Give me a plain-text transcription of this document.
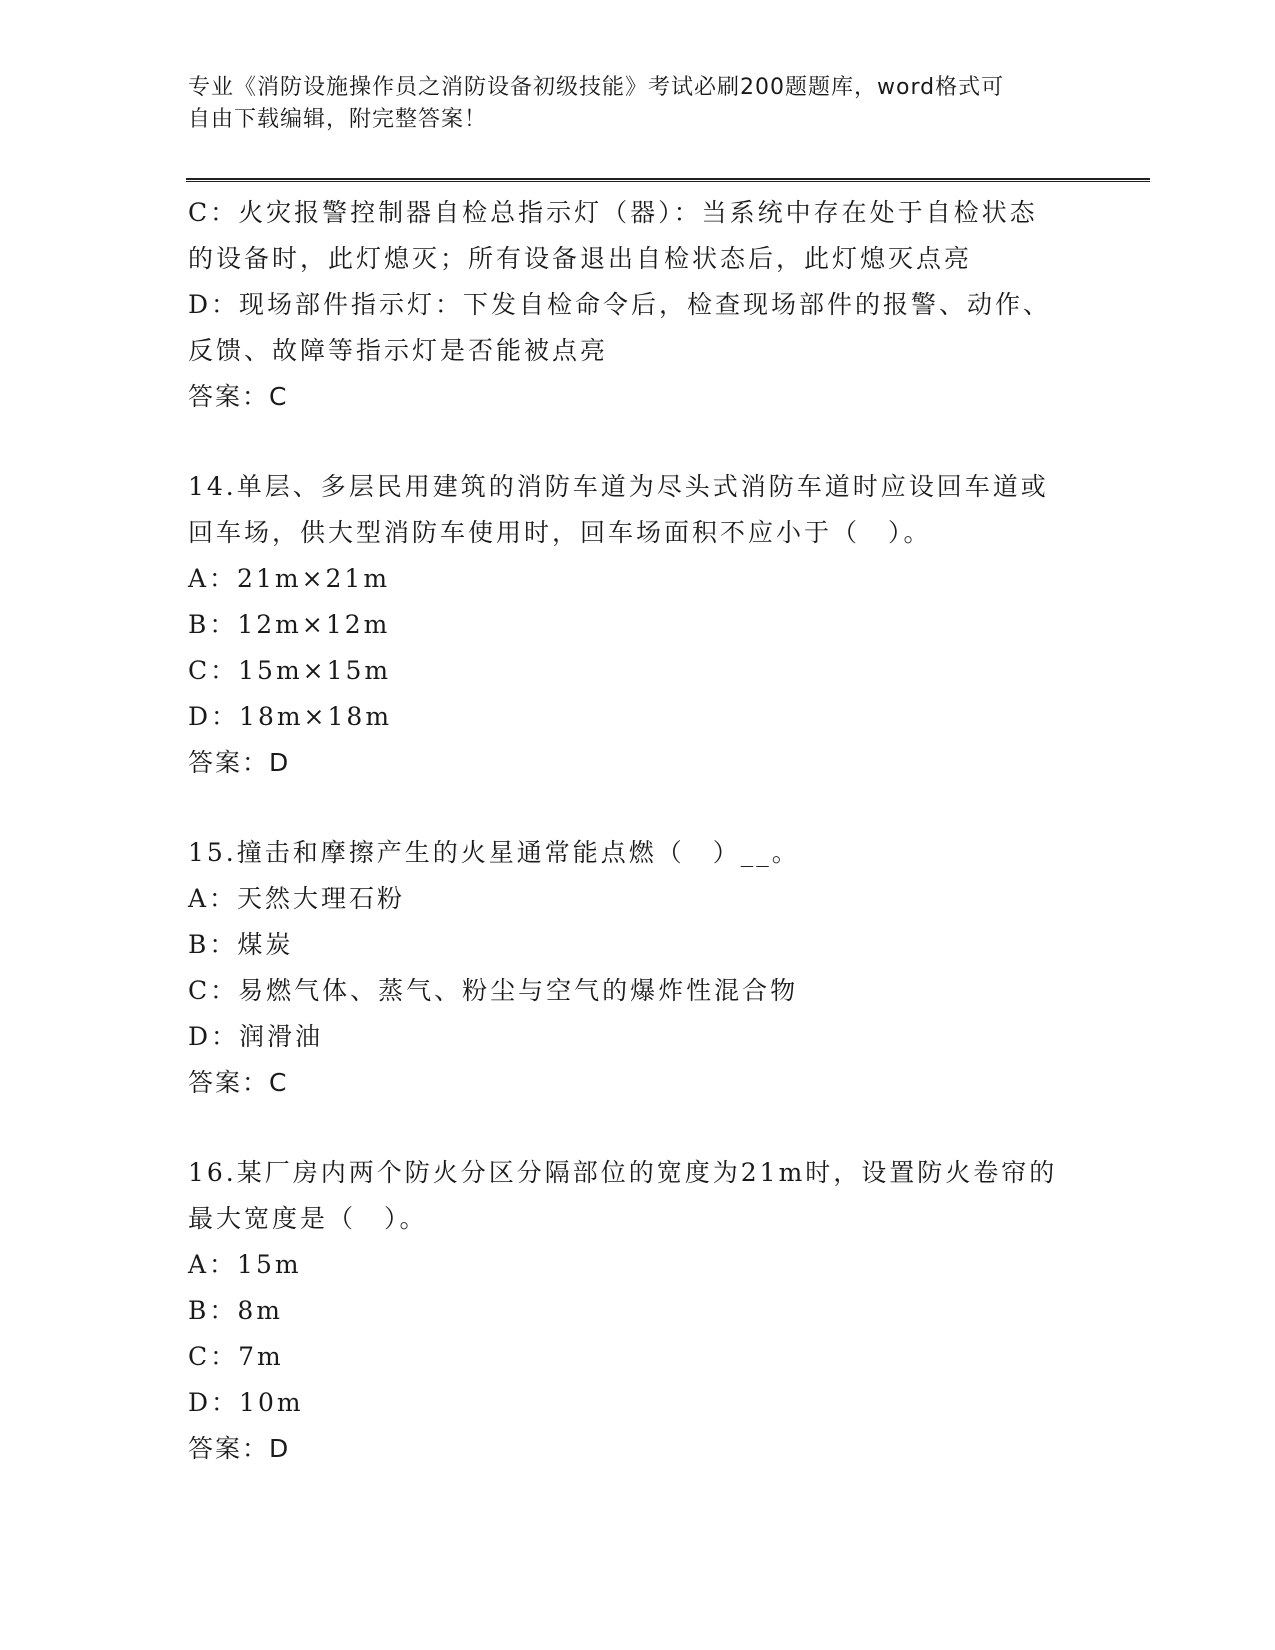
专业《消防设施操作员之消防设备初级技能》考试必刷200题题库，word格式可
自由下载编辑，附完整答案！
C：火灾报警控制器自检总指示灯（器）：当系统中存在处于自检状态
的设备时，此灯熄灭；所有设备退出自检状态后，此灯熄灭点亮
D：现场部件指示灯：下发自检命令后，检查现场部件的报警、动作、
反馈、故障等指示灯是否能被点亮
答案：C
14.单层、多层民用建筑的消防车道为尽头式消防车道时应设回车道或
回车场，供大型消防车使用时，回车场面积不应小于（　）。
A：21m×21m
B：12m×12m
C：15m×15m
D：18m×18m
答案：D
15.撞击和摩擦产生的火星通常能点燃（　）__。
A：天然大理石粉
B：煤炭
C：易燃气体、蒸气、粉尘与空气的爆炸性混合物
D：润滑油
答案：C
16.某厂房内两个防火分区分隔部位的宽度为21m时，设置防火卷帘的
最大宽度是（　）。
A：15m
B：8m
C：7m
D：10m
答案：D
